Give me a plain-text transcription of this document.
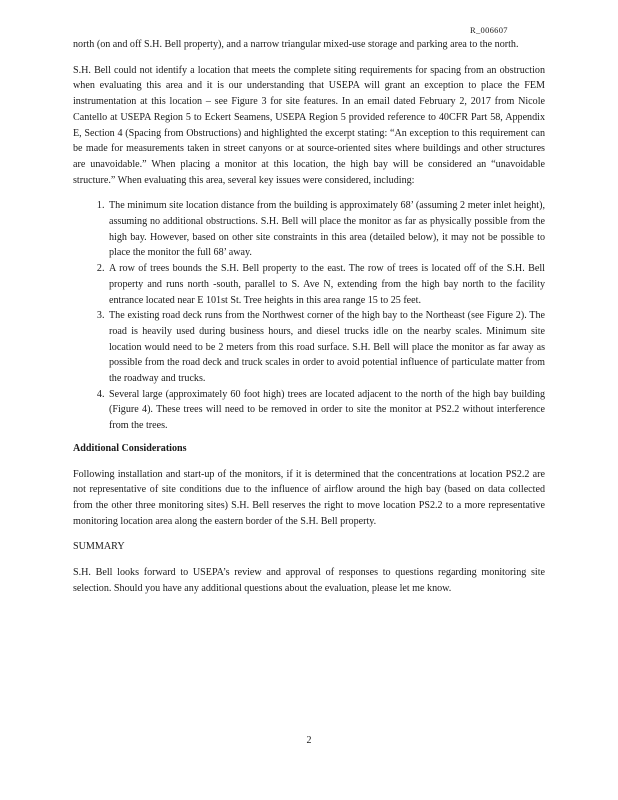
R_006607

north (on and off S.H. Bell property), and a narrow triangular mixed-use storage and parking area to the north.

S.H. Bell could not identify a location that meets the complete siting requirements for spacing from an obstruction when evaluating this area and it is our understanding that USEPA will grant an exception to place the FEM instrumentation at this location – see Figure 3 for site features. In an email dated February 2, 2017 from Nicole Cantello at USEPA Region 5 to Eckert Seamens, USEPA Region 5 provided reference to 40CFR Part 58, Appendix E, Section 4 (Spacing from Obstructions) and highlighted the excerpt stating: “An exception to this requirement can be made for measurements taken in street canyons or at source-oriented sites where buildings and other structures are unavoidable.” When placing a monitor at this location, the high bay will be considered an “unavoidable structure.” When evaluating this area, several key issues were considered, including:

1. The minimum site location distance from the building is approximately 68’ (assuming 2 meter inlet height), assuming no additional obstructions. S.H. Bell will place the monitor as far as physically possible from the high bay. However, based on other site constraints in this area (detailed below), it may not be possible to place the monitor the full 68’ away.
2. A row of trees bounds the S.H. Bell property to the east. The row of trees is located off of the S.H. Bell property and runs north -south, parallel to S. Ave N, extending from the high bay north to the facility entrance located near E 101st St. Tree heights in this area range 15 to 25 feet.
3. The existing road deck runs from the Northwest corner of the high bay to the Northeast (see Figure 2). The road is heavily used during business hours, and diesel trucks idle on the nearby scales. Minimum site location would need to be 2 meters from this road surface. S.H. Bell will place the monitor as far away as possible from the road deck and truck scales in order to avoid potential influence of particulate matter from the roadway and trucks.
4. Several large (approximately 60 foot high) trees are located adjacent to the north of the high bay building (Figure 4). These trees will need to be removed in order to site the monitor at PS2.2 without interference from the trees.
Additional Considerations

Following installation and start-up of the monitors, if it is determined that the concentrations at location PS2.2 are not representative of site conditions due to the influence of airflow around the high bay (based on data collected from the other three monitoring sites) S.H. Bell reserves the right to move location PS2.2 to a more representative monitoring location area along the eastern border of the S.H. Bell property.

SUMMARY

S.H. Bell looks forward to USEPA’s review and approval of responses to questions regarding monitoring site selection. Should you have any additional questions about the evaluation, please let me know.

2
